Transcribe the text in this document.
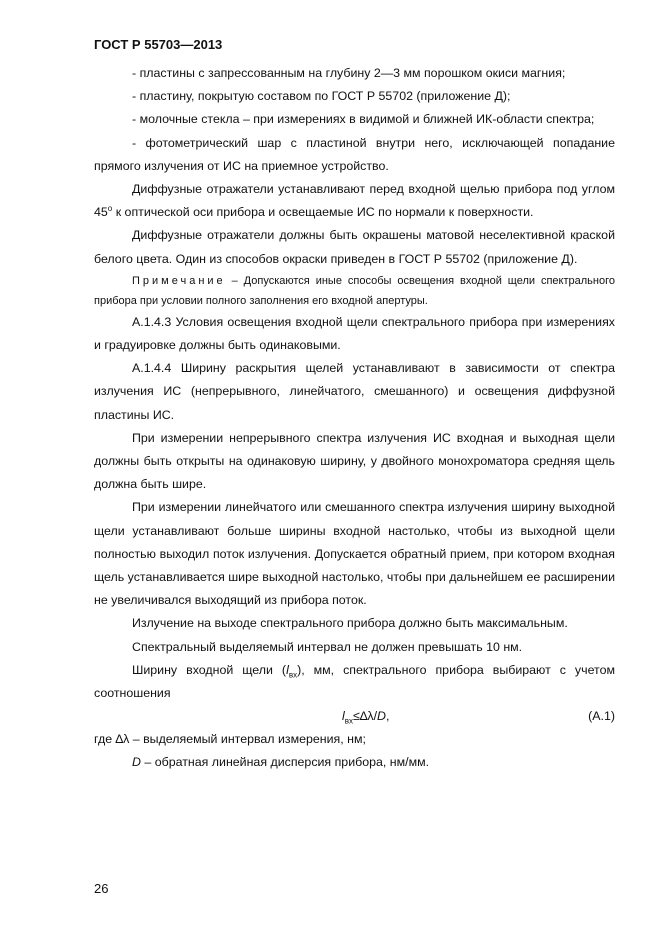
ГОСТ Р 55703—2013

- пластины с запрессованным на глубину 2—3 мм порошком окиси магния;

- пластину, покрытую составом по ГОСТ Р 55702 (приложение Д);

- молочные стекла – при измерениях в видимой и ближней ИК-области спектра;

- фотометрический шар с пластиной внутри него, исключающей попадание прямого излучения от ИС на приемное устройство.

Диффузные отражатели устанавливают перед входной щелью прибора под углом $45^о$ к оптической оси прибора и освещаемые ИС по нормали к поверхности.

Диффузные отражатели должны быть окрашены матовой неселективной краской белого цвета. Один из способов окраски приведен в ГОСТ Р 55702 (приложение Д).

Примечание – Допускаются иные способы освещения входной щели спектрального прибора при условии полного заполнения его входной апертуры.

А.1.4.3 Условия освещения входной щели спектрального прибора при измерениях и градуировке должны быть одинаковыми.

А.1.4.4 Ширину раскрытия щелей устанавливают в зависимости от спектра излучения ИС (непрерывного, линейчатого, смешанного) и освещения диффузной пластины ИС.

При измерении непрерывного спектра излучения ИС входная и выходная щели должны быть открыты на одинаковую ширину, у двойного монохроматора средняя щель должна быть шире.

При измерении линейчатого или смешанного спектра излучения ширину выходной щели устанавливают больше ширины входной настолько, чтобы из выходной щели полностью выходил поток излучения. Допускается обратный прием, при котором входная щель устанавливается шире выходной настолько, чтобы при дальнейшем ее расширении не увеличивался выходящий из прибора поток.

Излучение на выходе спектрального прибора должно быть максимальным.

Спектральный выделяемый интервал не должен превышать 10 нм.

Ширину входной щели $(l_{вх})$, мм, спектрального прибора выбирают с учетом соотношения

$l_{вх}\le\Delta\lambda/D$,	(А.1)

где ∆λ – выделяемый интервал измерения, нм;

D – обратная линейная дисперсия прибора, нм/мм.

26
